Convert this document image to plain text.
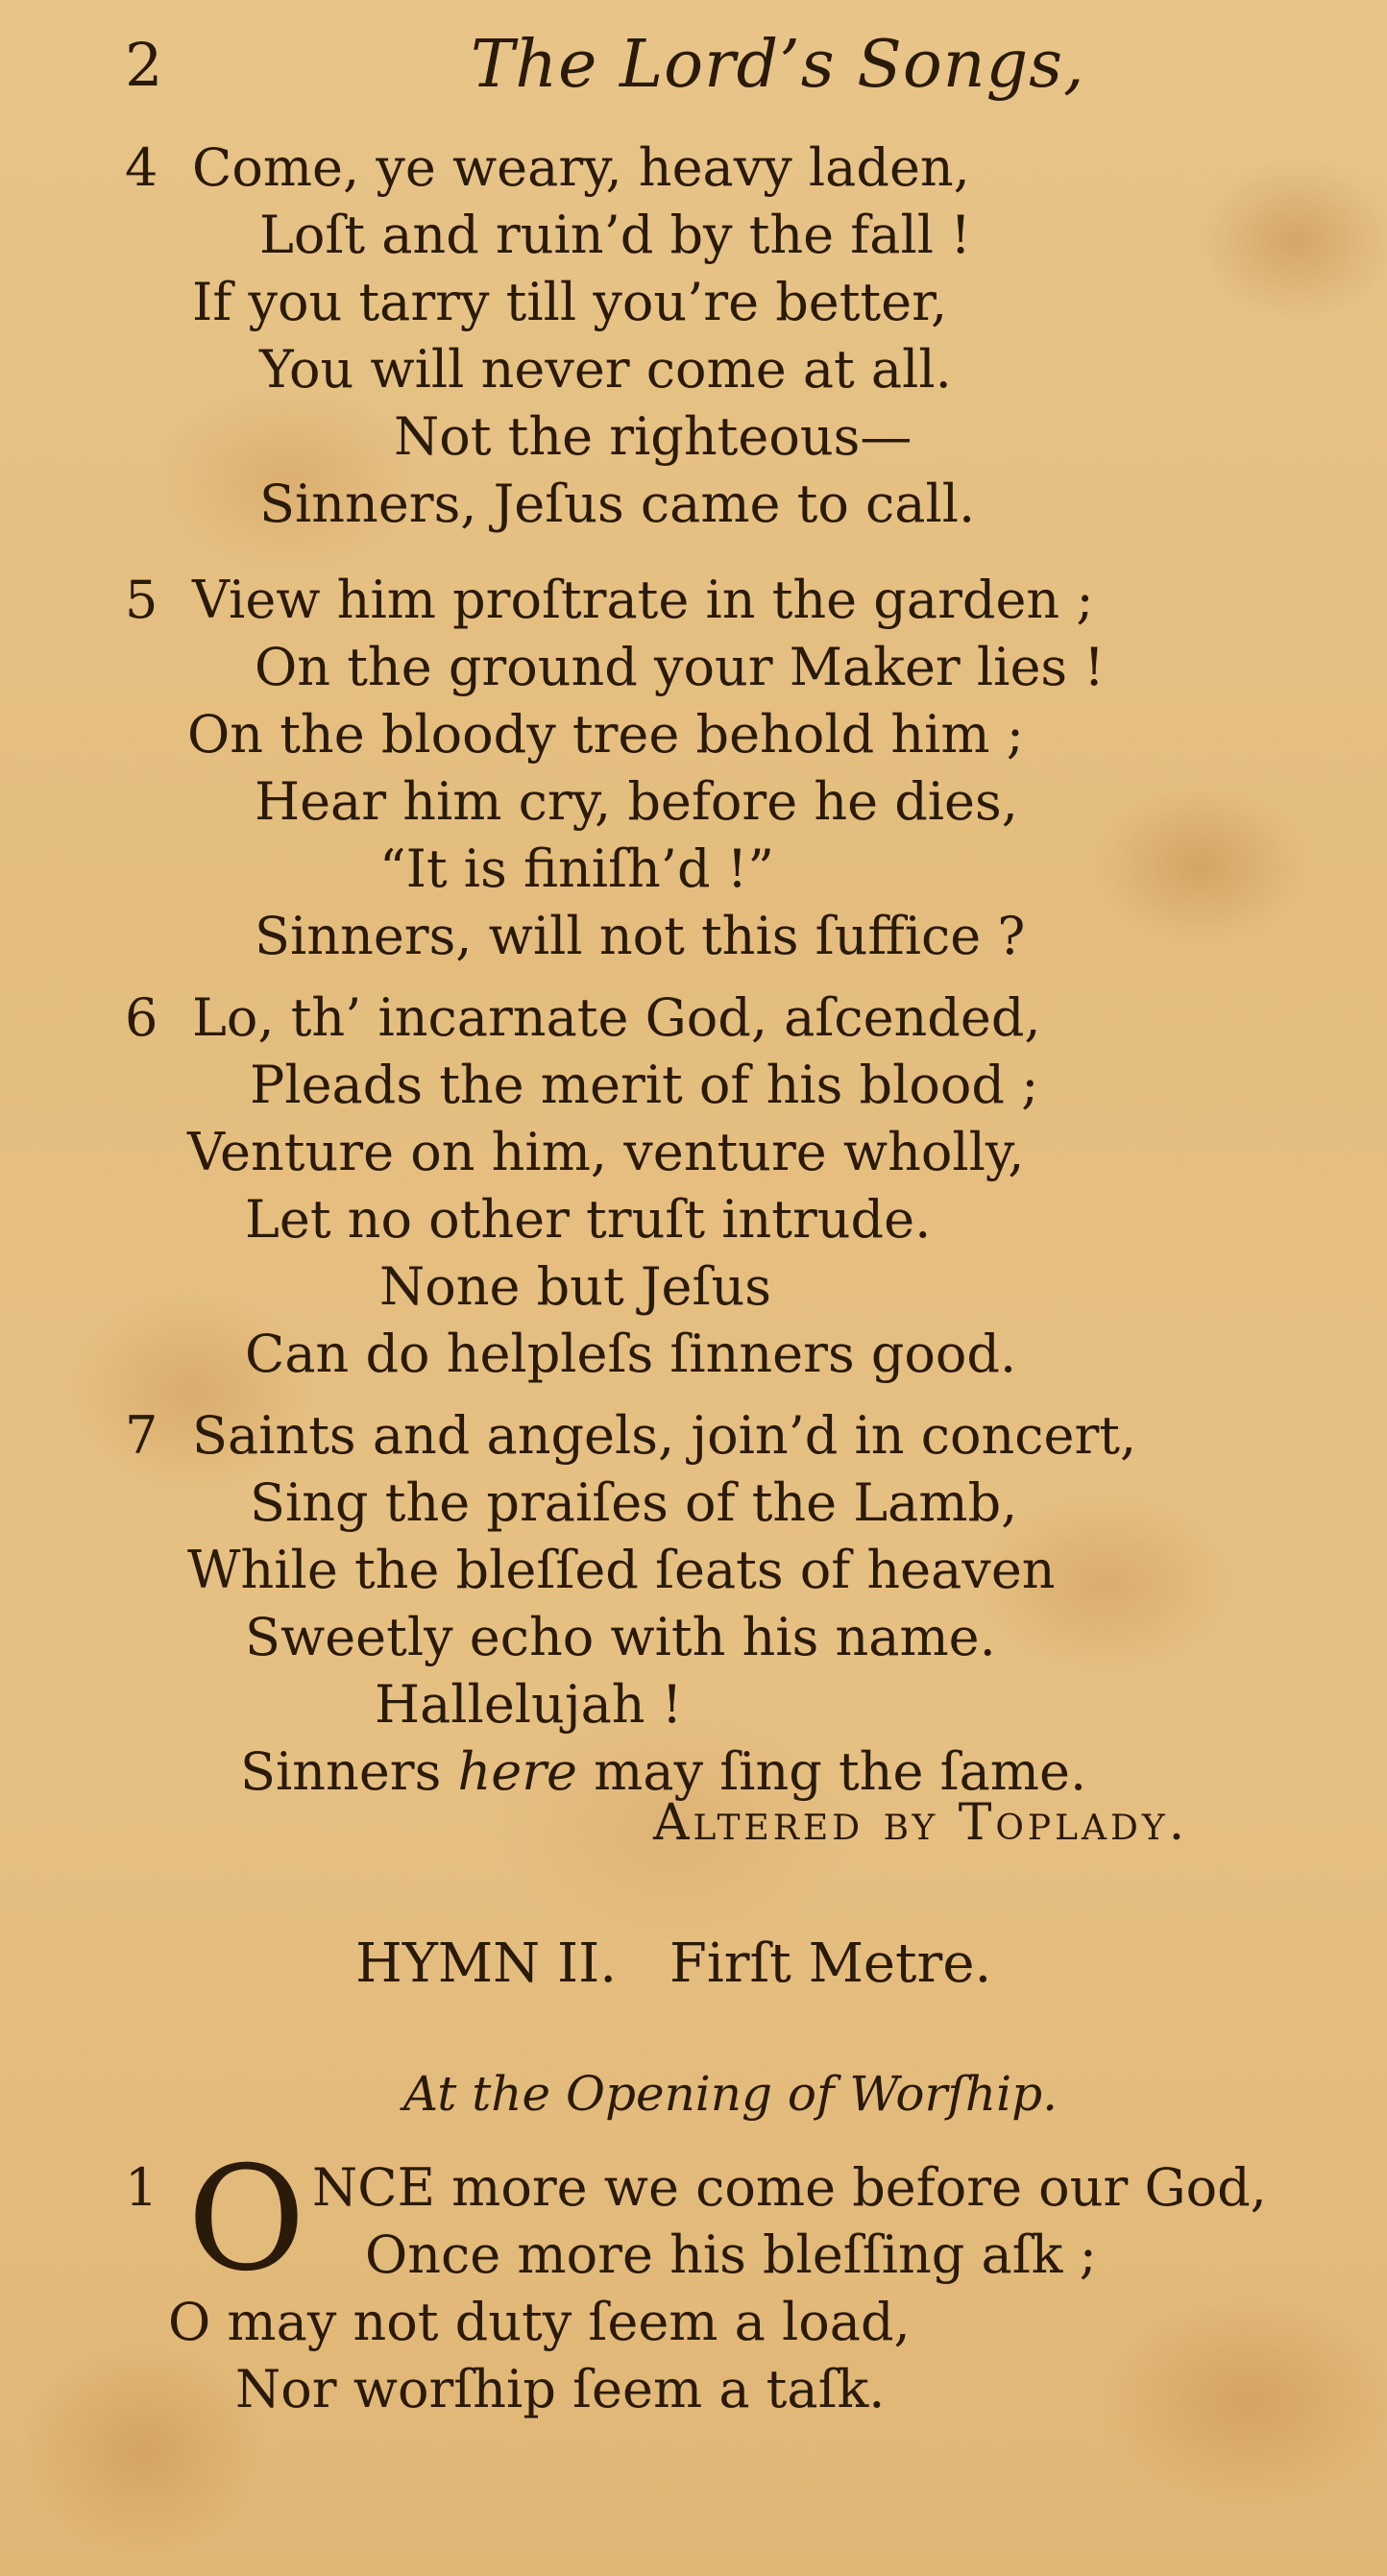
2	The Lord’s Songs,
4 Come, ye weary, heavy laden,
Loſt and ruin’d by the fall !
If you tarry till you’re better,
You will never come at all.
Not the righteous—
Sinners, Jeſus came to call.
5 View him proſtrate in the garden ;
On the ground your Maker lies !
On the bloody tree behold him ;
Hear him cry, before he dies,
“It is finiſh’d !”
Sinners, will not this ſuffice ?
6 Lo, th’ incarnate God, aſcended,
Pleads the merit of his blood ;
Venture on him, venture wholly,
Let no other truſt intrude.
None but Jeſus
Can do helpleſs ſinners good.
7 Saints and angels, join’d in concert,
Sing the praiſes of the Lamb,
While the bleſſed ſeats of heaven
Sweetly echo with his name.
Hallelujah !
Sinners here may ſing the ſame.
Altered by Toplady.
HYMN II. Firſt Metre.
At the Opening of Worſhip.
1 O NCE more we come before our God,
Once more his bleſſing aſk ;
O may not duty ſeem a load,
Nor worſhip ſeem a taſk.
